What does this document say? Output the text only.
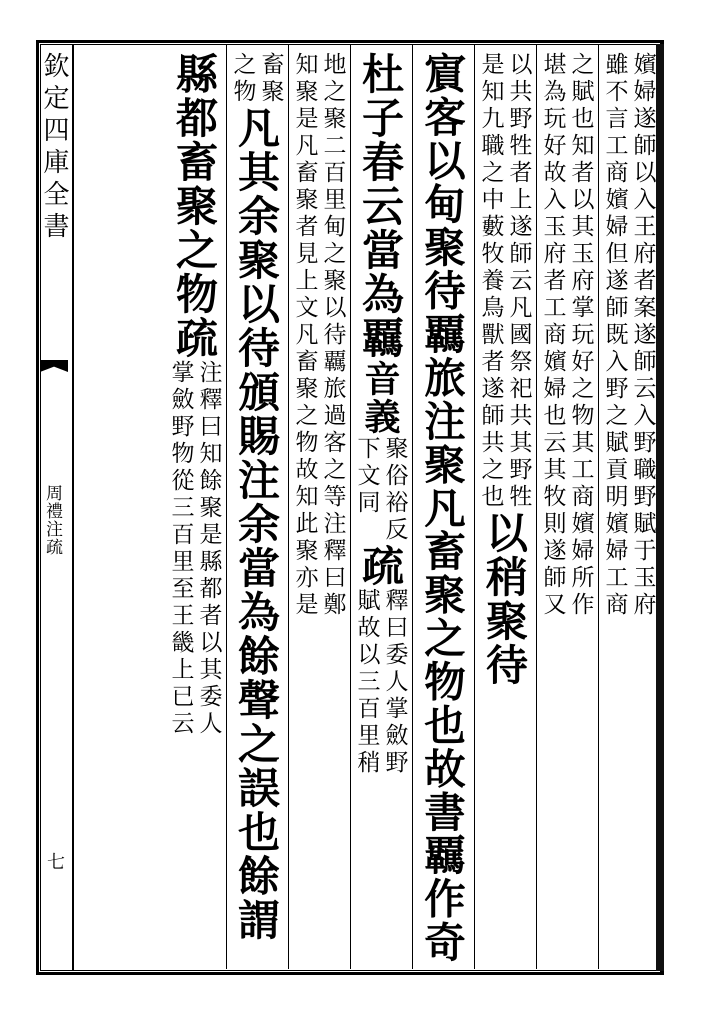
欽定四庫全書
周禮注疏
七
嬪婦遂師以入王府者案遂師云入野職野賦于玉府
雖不言工商嬪婦但遂師既入野之賦貢明嬪婦工商
之賦也知者以其玉府掌玩好之物其工商嬪婦所作
堪為玩好故入玉府者工商嬪婦也云其牧則遂師又
以共野牲者上遂師云凡國祭祀共其野牲
是知九職之中藪牧養鳥獸者遂師共之也
以稍聚待
賔客以甸聚待覊旅注聚凡畜聚之物也故書覊作奇
杜子春云當為覊
音義
聚俗裕反
下文同
疏
釋曰委人掌斂野
賦故以三百里稍
地之聚二百里甸之聚以待覊旅過客之等注釋曰鄭
知聚是凡畜聚者見上文凡畜聚之物故知此聚亦是
畜聚
之物
凡其余聚以待頒賜注余當為餘聲之誤也餘謂
縣都畜聚之物
疏
注釋曰知餘聚是縣都者以其委人
掌斂野物從三百里至王畿上已云
